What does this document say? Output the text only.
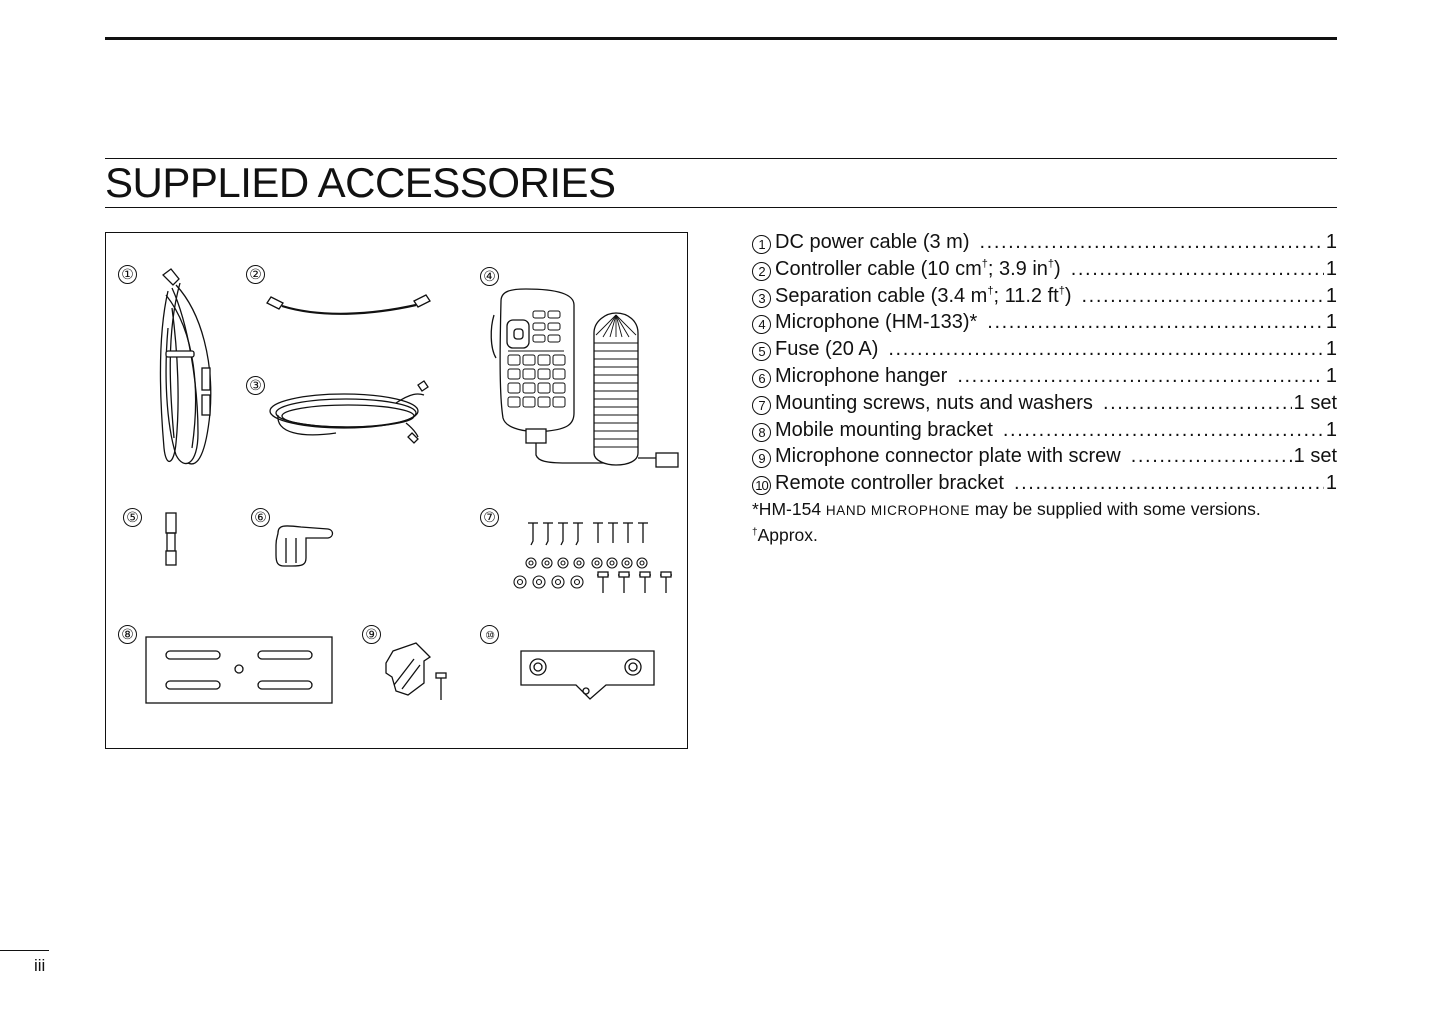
SUPPLIED ACCESSORIES
①	②
③
④
⑤	⑥	⑦
⑧	⑨	⑩
1 DC power cable (3 m) .....	1
2 Controller cable (10 cm†; 3.9 in†) .....	1
3 Separation cable (3.4 m†; 11.2 ft†) .....	1
4 Microphone (HM-133)* .....	1
5 Fuse (20 A) .....	1
6 Microphone hanger .....	1
7 Mounting screws, nuts and washers .....	1 set
8 Mobile mounting bracket .....	1
9 Microphone connector plate with screw .....	1 set
10 Remote controller bracket .....	1
*HM-154 HAND MICROPHONE may be supplied with some versions.
†Approx.
iii
